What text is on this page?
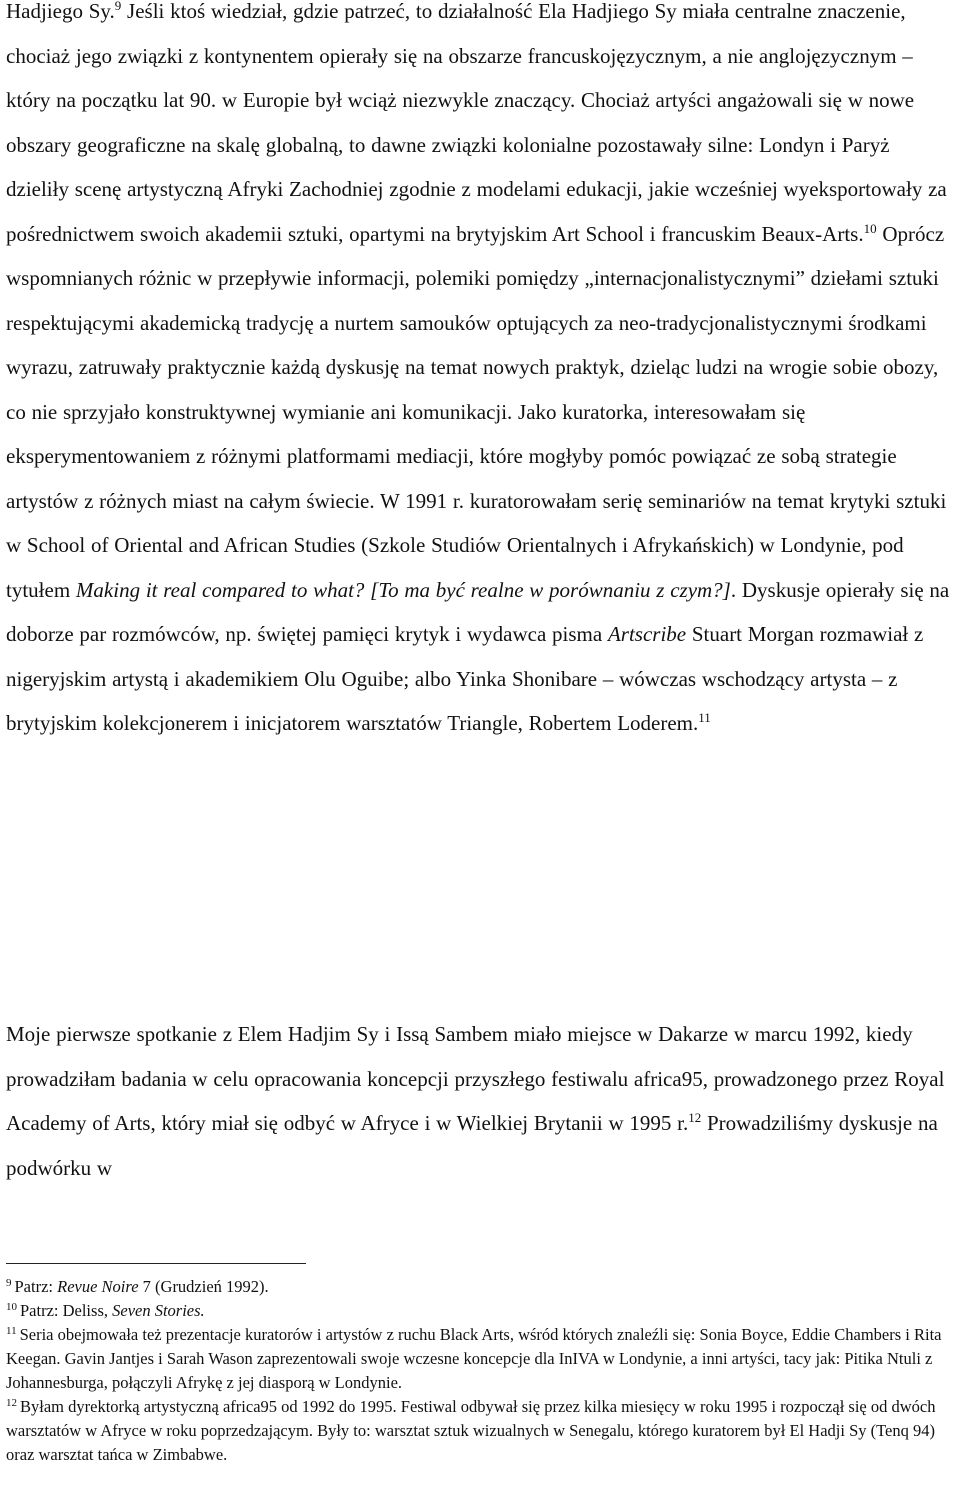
Hadjiego Sy.$^9$ Jeśli ktoś wiedział, gdzie patrzeć, to działalność Ela Hadjiego Sy miała centralne znaczenie, chociaż jego związki z kontynentem opierały się na obszarze francuskojęzycznym, a nie anglojęzycznym – który na początku lat 90. w Europie był wciąż niezwykle znaczący. Chociaż artyści angażowali się w nowe obszary geograficzne na skalę globalną, to dawne związki kolonialne pozostawały silne: Londyn i Paryż dzieliły scenę artystyczną Afryki Zachodniej zgodnie z modelami edukacji, jakie wcześniej wyeksportowały za pośrednictwem swoich akademii sztuki, opartymi na brytyjskim Art School i francuskim Beaux-Arts.$^{10}$ Oprócz wspomnianych różnic w przepływie informacji, polemiki pomiędzy „internacjonalistycznymi” dziełami sztuki respektującymi akademicką tradycję a nurtem samouków optujących za neo-tradycjonalistycznymi środkami wyrazu, zatruwały praktycznie każdą dyskusję na temat nowych praktyk, dzieląc ludzi na wrogie sobie obozy, co nie sprzyjało konstruktywnej wymianie ani komunikacji. Jako kuratorka, interesowałam się eksperymentowaniem z różnymi platformami mediacji, które mogłyby pomóc powiązać ze sobą strategie artystów z różnych miast na całym świecie. W 1991 r. kuratorowałam serię seminariów na temat krytyki sztuki w School of Oriental and African Studies (Szkole Studiów Orientalnych i Afrykańskich) w Londynie, pod tytułem Making it real compared to what? [To ma być realne w porównaniu z czym?]. Dyskusje opierały się na doborze par rozmówców, np. świętej pamięci krytyk i wydawca pisma Artscribe Stuart Morgan rozmawiał z nigeryjskim artystą i akademikiem Olu Oguibe; albo Yinka Shonibare – wówczas wschodzący artysta – z brytyjskim kolekcjonerem i inicjatorem warsztatów Triangle, Robertem Loderem.$^{11}$

Moje pierwsze spotkanie z Elem Hadjim Sy i Issą Sambem miało miejsce w Dakarze w marcu 1992, kiedy prowadziłam badania w celu opracowania koncepcji przyszłego festiwalu africa95, prowadzonego przez Royal Academy of Arts, który miał się odbyć w Afryce i w Wielkiej Brytanii w 1995 r.$^{12}$ Prowadziliśmy dyskusje na podwórku w

$^9$ Patrz: Revue Noire 7 (Grudzień 1992).
$^{10}$ Patrz: Deliss, Seven Stories.
$^{11}$ Seria obejmowała też prezentacje kuratorów i artystów z ruchu Black Arts, wśród których znaleźli się: Sonia Boyce, Eddie Chambers i Rita Keegan. Gavin Jantjes i Sarah Wason zaprezentowali swoje wczesne koncepcje dla InIVA w Londynie, a inni artyści, tacy jak: Pitika Ntuli z Johannesburga, połączyli Afrykę z jej diasporą w Londynie.
$^{12}$ Byłam dyrektorką artystyczną africa95 od 1992 do 1995. Festiwal odbywał się przez kilka miesięcy w roku 1995 i rozpoczął się od dwóch warsztatów w Afryce w roku poprzedzającym. Były to: warsztat sztuk wizualnych w Senegalu, którego kuratorem był El Hadji Sy (Tenq 94) oraz warsztat tańca w Zimbabwe.
